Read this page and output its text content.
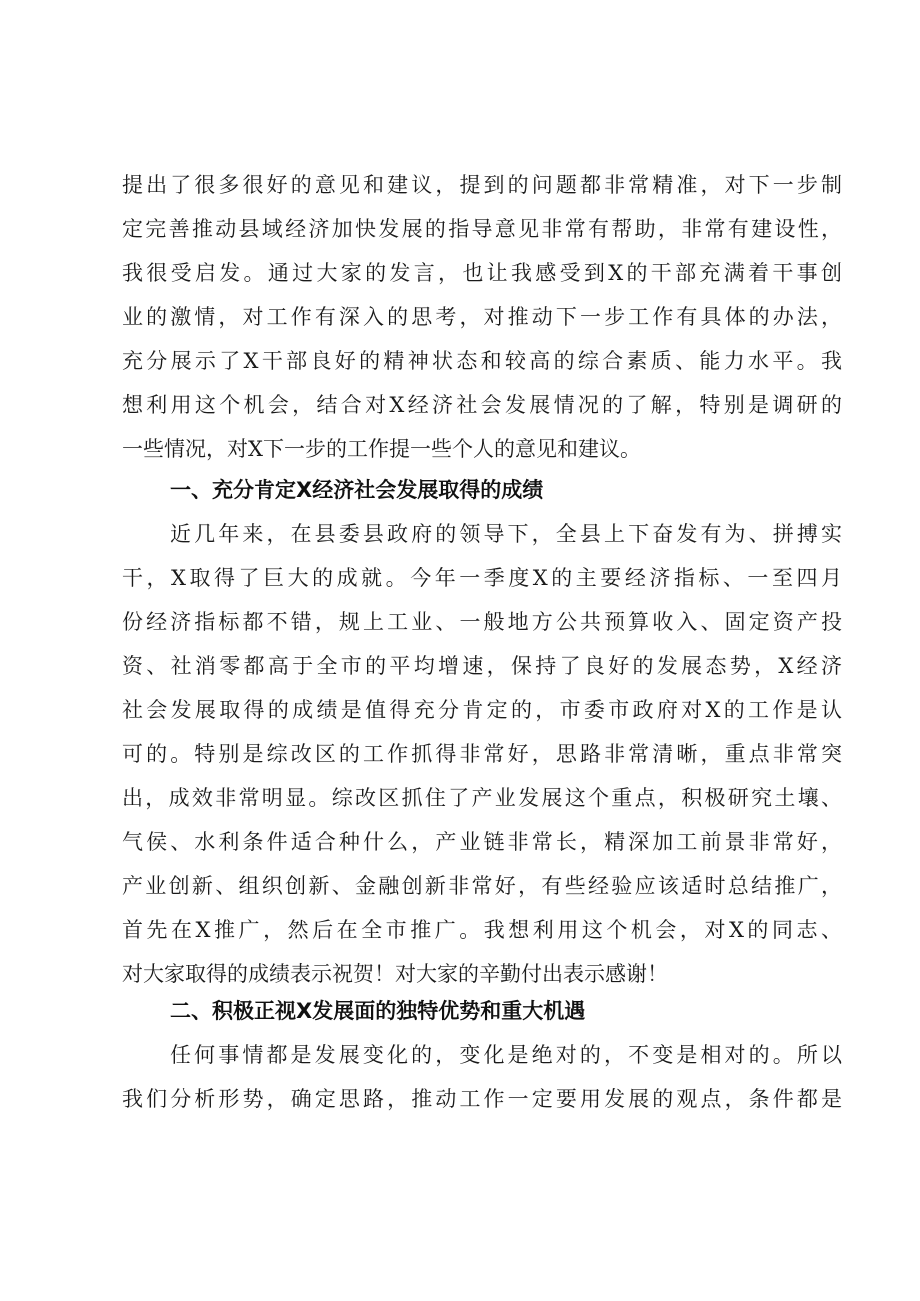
提出了很多很好的意见和建议，提到的问题都非常精准，对下一步制
定完善推动县域经济加快发展的指导意见非常有帮助，非常有建设性，
我很受启发。通过大家的发言，也让我感受到X的干部充满着干事创
业的激情，对工作有深入的思考，对推动下一步工作有具体的办法，
充分展示了X干部良好的精神状态和较高的综合素质、能力水平。我
想利用这个机会，结合对X经济社会发展情况的了解，特别是调研的
一些情况，对X下一步的工作提一些个人的意见和建议。
一、充分肯定X经济社会发展取得的成绩
近几年来，在县委县政府的领导下，全县上下奋发有为、拼搏实
干，X取得了巨大的成就。今年一季度X的主要经济指标、一至四月
份经济指标都不错，规上工业、一般地方公共预算收入、固定资产投
资、社消零都高于全市的平均增速，保持了良好的发展态势，X经济
社会发展取得的成绩是值得充分肯定的，市委市政府对X的工作是认
可的。特别是综改区的工作抓得非常好，思路非常清晰，重点非常突
出，成效非常明显。综改区抓住了产业发展这个重点，积极研究土壤、
气侯、水利条件适合种什么，产业链非常长，精深加工前景非常好，
产业创新、组织创新、金融创新非常好，有些经验应该适时总结推广，
首先在X推广，然后在全市推广。我想利用这个机会，对X的同志、
对大家取得的成绩表示祝贺！对大家的辛勤付出表示感谢！
二、积极正视X发展面的独特优势和重大机遇
任何事情都是发展变化的，变化是绝对的，不变是相对的。所以
我们分析形势，确定思路，推动工作一定要用发展的观点，条件都是
